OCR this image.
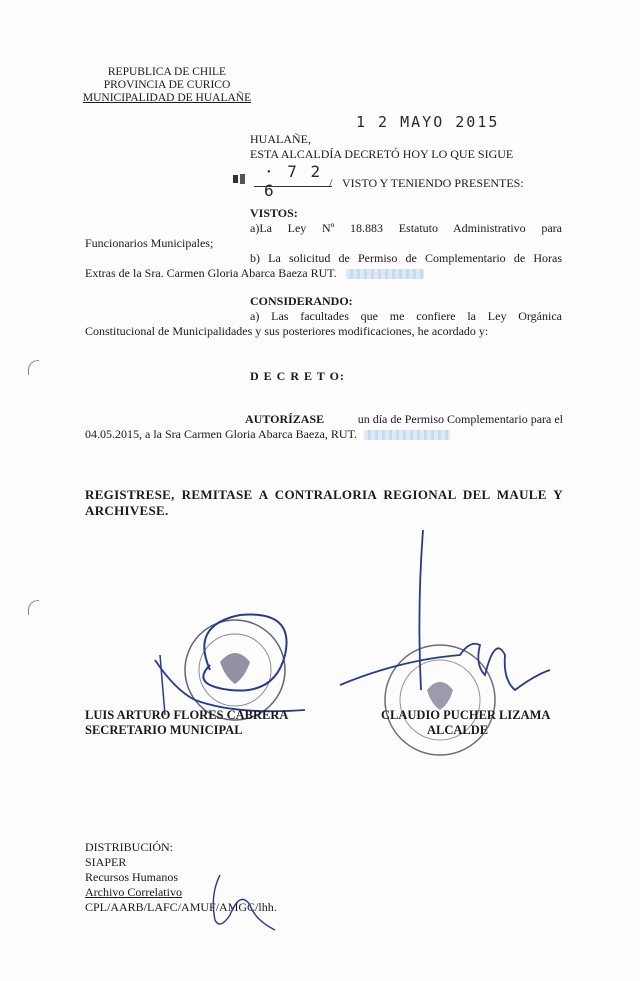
REPUBLICA DE CHILE
PROVINCIA DE CURICO
MUNICIPALIDAD DE HUALAÑE
1 2 MAYO 2015
HUALAÑE,
ESTA ALCALDÍA DECRETÓ HOY LO QUE SIGUE
· 7 2 6	/ VISTO Y TENIENDO PRESENTES:
VISTOS:
a)La Ley Nº 18.883 Estatuto Administrativo para
Funcionarios Municipales;
b) La solicitud de Permiso de Complementario de Horas
Extras de la Sra. Carmen Gloria Abarca Baeza RUT.
CONSIDERANDO:
a) Las facultades que me confiere la Ley Orgánica
Constitucional de Municipalidades y sus posteriores modificaciones, he acordado y:
D E C R E T O:
AUTORÍZASE	un día de Permiso Complementario para el
04.05.2015, a la Sra Carmen Gloria Abarca Baeza, RUT.
REGISTRESE, REMITASE A CONTRALORIA REGIONAL DEL MAULE Y
ARCHIVESE.
LUIS ARTURO FLORES CABRERA
SECRETARIO MUNICIPAL
CLAUDIO PUCHER LIZAMA
ALCALDE
DISTRIBUCIÓN:
SIAPER
Recursos Humanos
Archivo Correlativo
CPL/AARB/LAFC/AMUF/AMGC/lhh.
